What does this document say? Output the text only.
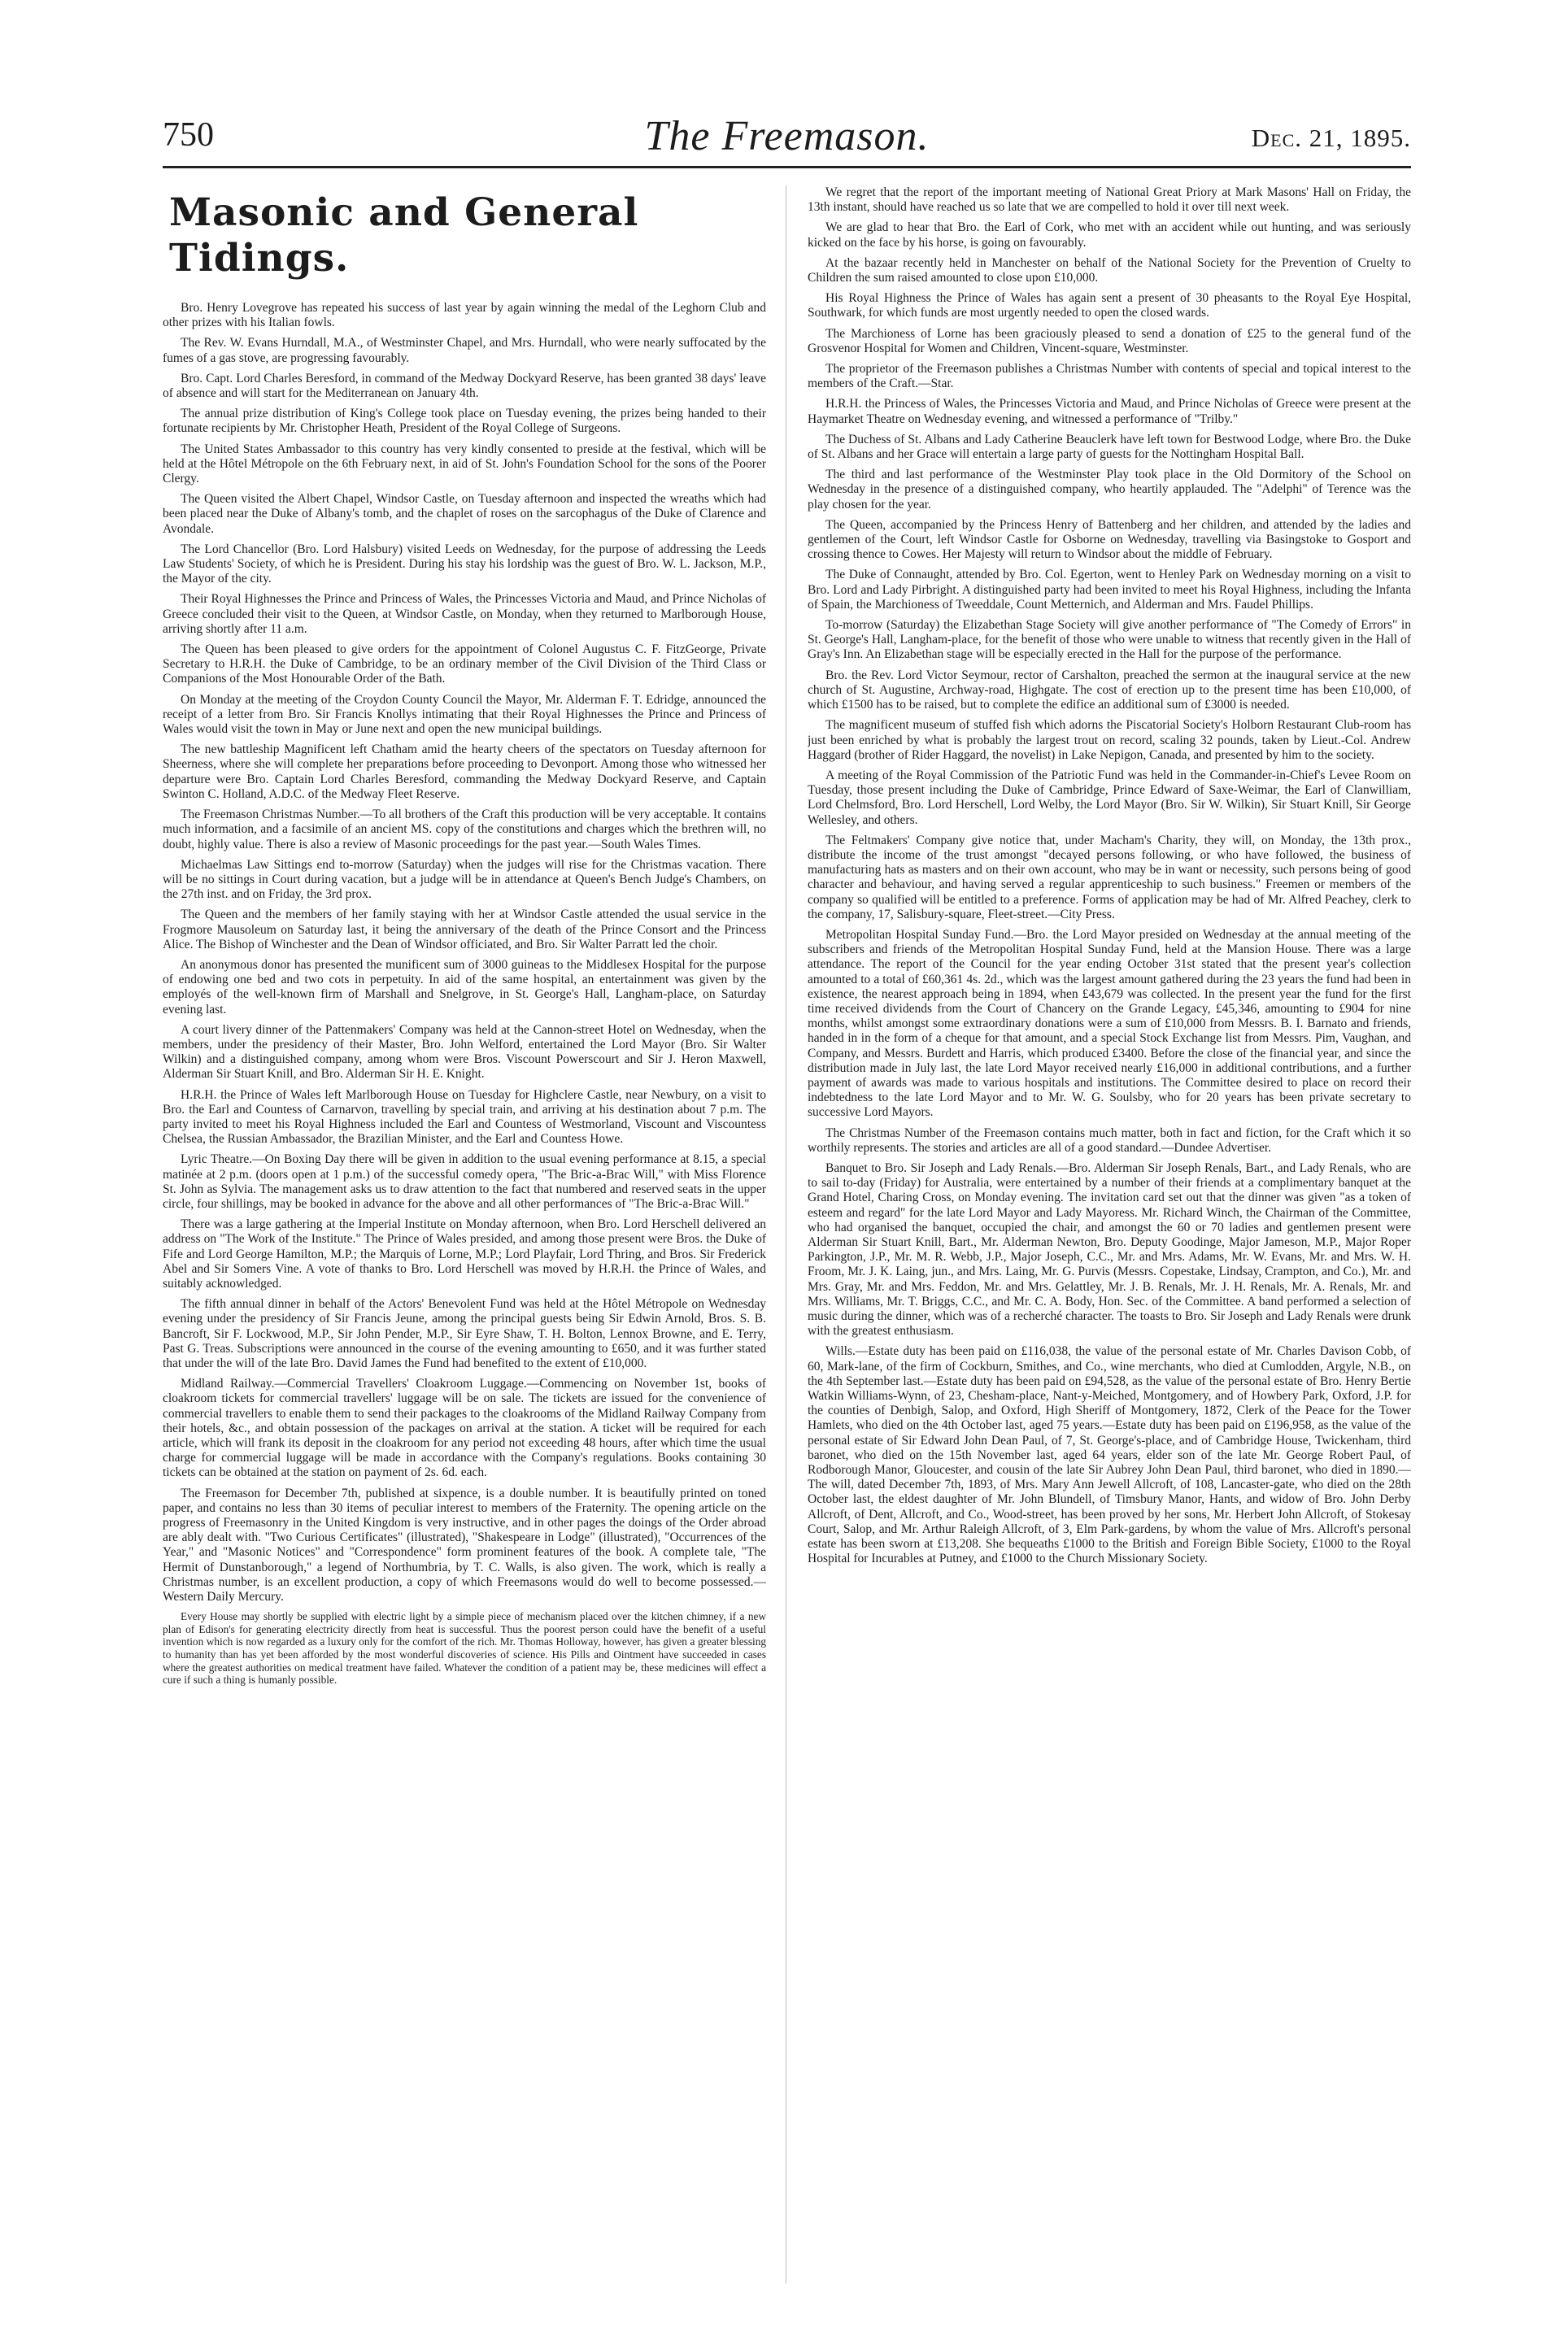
750	The Freemason.	Dec. 21, 1895.
Masonic and General Tidings.

Bro. Henry Lovegrove has repeated his success of last year by again winning the medal of the Leghorn Club and other prizes with his Italian fowls.

The Rev. W. Evans Hurndall, M.A., of Westminster Chapel, and Mrs. Hurndall, who were nearly suffocated by the fumes of a gas stove, are progressing favourably.

Bro. Capt. Lord Charles Beresford, in command of the Medway Dockyard Reserve, has been granted 38 days' leave of absence and will start for the Mediterranean on January 4th.

The annual prize distribution of King's College took place on Tuesday evening, the prizes being handed to their fortunate recipients by Mr. Christopher Heath, President of the Royal College of Surgeons.

The United States Ambassador to this country has very kindly consented to preside at the festival, which will be held at the Hôtel Métropole on the 6th February next, in aid of St. John's Foundation School for the sons of the Poorer Clergy.

The Queen visited the Albert Chapel, Windsor Castle, on Tuesday afternoon and inspected the wreaths which had been placed near the Duke of Albany's tomb, and the chaplet of roses on the sarcophagus of the Duke of Clarence and Avondale.

The Lord Chancellor (Bro. Lord Halsbury) visited Leeds on Wednesday, for the purpose of addressing the Leeds Law Students' Society, of which he is President. During his stay his lordship was the guest of Bro. W. L. Jackson, M.P., the Mayor of the city.

Their Royal Highnesses the Prince and Princess of Wales, the Princesses Victoria and Maud, and Prince Nicholas of Greece concluded their visit to the Queen, at Windsor Castle, on Monday, when they returned to Marlborough House, arriving shortly after 11 a.m.

The Queen has been pleased to give orders for the appointment of Colonel Augustus C. F. FitzGeorge, Private Secretary to H.R.H. the Duke of Cambridge, to be an ordinary member of the Civil Division of the Third Class or Companions of the Most Honourable Order of the Bath.

On Monday at the meeting of the Croydon County Council the Mayor, Mr. Alderman F. T. Edridge, announced the receipt of a letter from Bro. Sir Francis Knollys intimating that their Royal Highnesses the Prince and Princess of Wales would visit the town in May or June next and open the new municipal buildings.

The new battleship Magnificent left Chatham amid the hearty cheers of the spectators on Tuesday afternoon for Sheerness, where she will complete her preparations before proceeding to Devonport. Among those who witnessed her departure were Bro. Captain Lord Charles Beresford, commanding the Medway Dockyard Reserve, and Captain Swinton C. Holland, A.D.C. of the Medway Fleet Reserve.

The Freemason Christmas Number.—To all brothers of the Craft this production will be very acceptable. It contains much information, and a facsimile of an ancient MS. copy of the constitutions and charges which the brethren will, no doubt, highly value. There is also a review of Masonic proceedings for the past year.—South Wales Times.

Michaelmas Law Sittings end to-morrow (Saturday) when the judges will rise for the Christmas vacation. There will be no sittings in Court during vacation, but a judge will be in attendance at Queen's Bench Judge's Chambers, on the 27th inst. and on Friday, the 3rd prox.

The Queen and the members of her family staying with her at Windsor Castle attended the usual service in the Frogmore Mausoleum on Saturday last, it being the anniversary of the death of the Prince Consort and the Princess Alice. The Bishop of Winchester and the Dean of Windsor officiated, and Bro. Sir Walter Parratt led the choir.

An anonymous donor has presented the munificent sum of 3000 guineas to the Middlesex Hospital for the purpose of endowing one bed and two cots in perpetuity. In aid of the same hospital, an entertainment was given by the employés of the well-known firm of Marshall and Snelgrove, in St. George's Hall, Langham-place, on Saturday evening last.

A court livery dinner of the Pattenmakers' Company was held at the Cannon-street Hotel on Wednesday, when the members, under the presidency of their Master, Bro. John Welford, entertained the Lord Mayor (Bro. Sir Walter Wilkin) and a distinguished company, among whom were Bros. Viscount Powerscourt and Sir J. Heron Maxwell, Alderman Sir Stuart Knill, and Bro. Alderman Sir H. E. Knight.

H.R.H. the Prince of Wales left Marlborough House on Tuesday for Highclere Castle, near Newbury, on a visit to Bro. the Earl and Countess of Carnarvon, travelling by special train, and arriving at his destination about 7 p.m. The party invited to meet his Royal Highness included the Earl and Countess of Westmorland, Viscount and Viscountess Chelsea, the Russian Ambassador, the Brazilian Minister, and the Earl and Countess Howe.

Lyric Theatre.—On Boxing Day there will be given in addition to the usual evening performance at 8.15, a special matinée at 2 p.m. (doors open at 1 p.m.) of the successful comedy opera, "The Bric-a-Brac Will," with Miss Florence St. John as Sylvia. The management asks us to draw attention to the fact that numbered and reserved seats in the upper circle, four shillings, may be booked in advance for the above and all other performances of "The Bric-a-Brac Will."

There was a large gathering at the Imperial Institute on Monday afternoon, when Bro. Lord Herschell delivered an address on "The Work of the Institute." The Prince of Wales presided, and among those present were Bros. the Duke of Fife and Lord George Hamilton, M.P.; the Marquis of Lorne, M.P.; Lord Playfair, Lord Thring, and Bros. Sir Frederick Abel and Sir Somers Vine. A vote of thanks to Bro. Lord Herschell was moved by H.R.H. the Prince of Wales, and suitably acknowledged.

The fifth annual dinner in behalf of the Actors' Benevolent Fund was held at the Hôtel Métropole on Wednesday evening under the presidency of Sir Francis Jeune, among the principal guests being Sir Edwin Arnold, Bros. S. B. Bancroft, Sir F. Lockwood, M.P., Sir John Pender, M.P., Sir Eyre Shaw, T. H. Bolton, Lennox Browne, and E. Terry, Past G. Treas. Subscriptions were announced in the course of the evening amounting to £650, and it was further stated that under the will of the late Bro. David James the Fund had benefited to the extent of £10,000.

Midland Railway.—Commercial Travellers' Cloakroom Luggage.—Commencing on November 1st, books of cloakroom tickets for commercial travellers' luggage will be on sale. The tickets are issued for the convenience of commercial travellers to enable them to send their packages to the cloakrooms of the Midland Railway Company from their hotels, &c., and obtain possession of the packages on arrival at the station. A ticket will be required for each article, which will frank its deposit in the cloakroom for any period not exceeding 48 hours, after which time the usual charge for commercial luggage will be made in accordance with the Company's regulations. Books containing 30 tickets can be obtained at the station on payment of 2s. 6d. each.

The Freemason for December 7th, published at sixpence, is a double number. It is beautifully printed on toned paper, and contains no less than 30 items of peculiar interest to members of the Fraternity. The opening article on the progress of Freemasonry in the United Kingdom is very instructive, and in other pages the doings of the Order abroad are ably dealt with. "Two Curious Certificates" (illustrated), "Shakespeare in Lodge" (illustrated), "Occurrences of the Year," and "Masonic Notices" and "Correspondence" form prominent features of the book. A complete tale, "The Hermit of Dunstanborough," a legend of Northumbria, by T. C. Walls, is also given. The work, which is really a Christmas number, is an excellent production, a copy of which Freemasons would do well to become possessed.—Western Daily Mercury.

Every House may shortly be supplied with electric light by a simple piece of mechanism placed over the kitchen chimney, if a new plan of Edison's for generating electricity directly from heat is successful. Thus the poorest person could have the benefit of a useful invention which is now regarded as a luxury only for the comfort of the rich. Mr. Thomas Holloway, however, has given a greater blessing to humanity than has yet been afforded by the most wonderful discoveries of science. His Pills and Ointment have succeeded in cases where the greatest authorities on medical treatment have failed. Whatever the condition of a patient may be, these medicines will effect a cure if such a thing is humanly possible.

We regret that the report of the important meeting of National Great Priory at Mark Masons' Hall on Friday, the 13th instant, should have reached us so late that we are compelled to hold it over till next week.

We are glad to hear that Bro. the Earl of Cork, who met with an accident while out hunting, and was seriously kicked on the face by his horse, is going on favourably.

At the bazaar recently held in Manchester on behalf of the National Society for the Prevention of Cruelty to Children the sum raised amounted to close upon £10,000.

His Royal Highness the Prince of Wales has again sent a present of 30 pheasants to the Royal Eye Hospital, Southwark, for which funds are most urgently needed to open the closed wards.

The Marchioness of Lorne has been graciously pleased to send a donation of £25 to the general fund of the Grosvenor Hospital for Women and Children, Vincent-square, Westminster.

The proprietor of the Freemason publishes a Christmas Number with contents of special and topical interest to the members of the Craft.—Star.

H.R.H. the Princess of Wales, the Princesses Victoria and Maud, and Prince Nicholas of Greece were present at the Haymarket Theatre on Wednesday evening, and witnessed a performance of "Trilby."

The Duchess of St. Albans and Lady Catherine Beauclerk have left town for Bestwood Lodge, where Bro. the Duke of St. Albans and her Grace will entertain a large party of guests for the Nottingham Hospital Ball.

The third and last performance of the Westminster Play took place in the Old Dormitory of the School on Wednesday in the presence of a distinguished company, who heartily applauded. The "Adelphi" of Terence was the play chosen for the year.

The Queen, accompanied by the Princess Henry of Battenberg and her children, and attended by the ladies and gentlemen of the Court, left Windsor Castle for Osborne on Wednesday, travelling via Basingstoke to Gosport and crossing thence to Cowes. Her Majesty will return to Windsor about the middle of February.

The Duke of Connaught, attended by Bro. Col. Egerton, went to Henley Park on Wednesday morning on a visit to Bro. Lord and Lady Pirbright. A distinguished party had been invited to meet his Royal Highness, including the Infanta of Spain, the Marchioness of Tweeddale, Count Metternich, and Alderman and Mrs. Faudel Phillips.

To-morrow (Saturday) the Elizabethan Stage Society will give another performance of "The Comedy of Errors" in St. George's Hall, Langham-place, for the benefit of those who were unable to witness that recently given in the Hall of Gray's Inn. An Elizabethan stage will be especially erected in the Hall for the purpose of the performance.

Bro. the Rev. Lord Victor Seymour, rector of Carshalton, preached the sermon at the inaugural service at the new church of St. Augustine, Archway-road, Highgate. The cost of erection up to the present time has been £10,000, of which £1500 has to be raised, but to complete the edifice an additional sum of £3000 is needed.

The magnificent museum of stuffed fish which adorns the Piscatorial Society's Holborn Restaurant Club-room has just been enriched by what is probably the largest trout on record, scaling 32 pounds, taken by Lieut.-Col. Andrew Haggard (brother of Rider Haggard, the novelist) in Lake Nepigon, Canada, and presented by him to the society.

A meeting of the Royal Commission of the Patriotic Fund was held in the Commander-in-Chief's Levee Room on Tuesday, those present including the Duke of Cambridge, Prince Edward of Saxe-Weimar, the Earl of Clanwilliam, Lord Chelmsford, Bro. Lord Herschell, Lord Welby, the Lord Mayor (Bro. Sir W. Wilkin), Sir Stuart Knill, Sir George Wellesley, and others.

The Feltmakers' Company give notice that, under Macham's Charity, they will, on Monday, the 13th prox., distribute the income of the trust amongst "decayed persons following, or who have followed, the business of manufacturing hats as masters and on their own account, who may be in want or necessity, such persons being of good character and behaviour, and having served a regular apprenticeship to such business." Freemen or members of the company so qualified will be entitled to a preference. Forms of application may be had of Mr. Alfred Peachey, clerk to the company, 17, Salisbury-square, Fleet-street.—City Press.

Metropolitan Hospital Sunday Fund.—Bro. the Lord Mayor presided on Wednesday at the annual meeting of the subscribers and friends of the Metropolitan Hospital Sunday Fund, held at the Mansion House. There was a large attendance. The report of the Council for the year ending October 31st stated that the present year's collection amounted to a total of £60,361 4s. 2d., which was the largest amount gathered during the 23 years the fund had been in existence, the nearest approach being in 1894, when £43,679 was collected. In the present year the fund for the first time received dividends from the Court of Chancery on the Grande Legacy, £45,346, amounting to £904 for nine months, whilst amongst some extraordinary donations were a sum of £10,000 from Messrs. B. I. Barnato and friends, handed in in the form of a cheque for that amount, and a special Stock Exchange list from Messrs. Pim, Vaughan, and Company, and Messrs. Burdett and Harris, which produced £3400. Before the close of the financial year, and since the distribution made in July last, the late Lord Mayor received nearly £16,000 in additional contributions, and a further payment of awards was made to various hospitals and institutions. The Committee desired to place on record their indebtedness to the late Lord Mayor and to Mr. W. G. Soulsby, who for 20 years has been private secretary to successive Lord Mayors.

The Christmas Number of the Freemason contains much matter, both in fact and fiction, for the Craft which it so worthily represents. The stories and articles are all of a good standard.—Dundee Advertiser.

Banquet to Bro. Sir Joseph and Lady Renals.—Bro. Alderman Sir Joseph Renals, Bart., and Lady Renals, who are to sail to-day (Friday) for Australia, were entertained by a number of their friends at a complimentary banquet at the Grand Hotel, Charing Cross, on Monday evening. The invitation card set out that the dinner was given "as a token of esteem and regard" for the late Lord Mayor and Lady Mayoress. Mr. Richard Winch, the Chairman of the Committee, who had organised the banquet, occupied the chair, and amongst the 60 or 70 ladies and gentlemen present were Alderman Sir Stuart Knill, Bart., Mr. Alderman Newton, Bro. Deputy Goodinge, Major Jameson, M.P., Major Roper Parkington, J.P., Mr. M. R. Webb, J.P., Major Joseph, C.C., Mr. and Mrs. Adams, Mr. W. Evans, Mr. and Mrs. W. H. Froom, Mr. J. K. Laing, jun., and Mrs. Laing, Mr. G. Purvis (Messrs. Copestake, Lindsay, Crampton, and Co.), Mr. and Mrs. Gray, Mr. and Mrs. Feddon, Mr. and Mrs. Gelattley, Mr. J. B. Renals, Mr. J. H. Renals, Mr. A. Renals, Mr. and Mrs. Williams, Mr. T. Briggs, C.C., and Mr. C. A. Body, Hon. Sec. of the Committee. A band performed a selection of music during the dinner, which was of a recherché character. The toasts to Bro. Sir Joseph and Lady Renals were drunk with the greatest enthusiasm.

Wills.—Estate duty has been paid on £116,038, the value of the personal estate of Mr. Charles Davison Cobb, of 60, Mark-lane, of the firm of Cockburn, Smithes, and Co., wine merchants, who died at Cumlodden, Argyle, N.B., on the 4th September last.—Estate duty has been paid on £94,528, as the value of the personal estate of Bro. Henry Bertie Watkin Williams-Wynn, of 23, Chesham-place, Nant-y-Meiched, Montgomery, and of Howbery Park, Oxford, J.P. for the counties of Denbigh, Salop, and Oxford, High Sheriff of Montgomery, 1872, Clerk of the Peace for the Tower Hamlets, who died on the 4th October last, aged 75 years.—Estate duty has been paid on £196,958, as the value of the personal estate of Sir Edward John Dean Paul, of 7, St. George's-place, and of Cambridge House, Twickenham, third baronet, who died on the 15th November last, aged 64 years, elder son of the late Mr. George Robert Paul, of Rodborough Manor, Gloucester, and cousin of the late Sir Aubrey John Dean Paul, third baronet, who died in 1890.—The will, dated December 7th, 1893, of Mrs. Mary Ann Jewell Allcroft, of 108, Lancaster-gate, who died on the 28th October last, the eldest daughter of Mr. John Blundell, of Timsbury Manor, Hants, and widow of Bro. John Derby Allcroft, of Dent, Allcroft, and Co., Wood-street, has been proved by her sons, Mr. Herbert John Allcroft, of Stokesay Court, Salop, and Mr. Arthur Raleigh Allcroft, of 3, Elm Park-gardens, by whom the value of Mrs. Allcroft's personal estate has been sworn at £13,208. She bequeaths £1000 to the British and Foreign Bible Society, £1000 to the Royal Hospital for Incurables at Putney, and £1000 to the Church Missionary Society.
